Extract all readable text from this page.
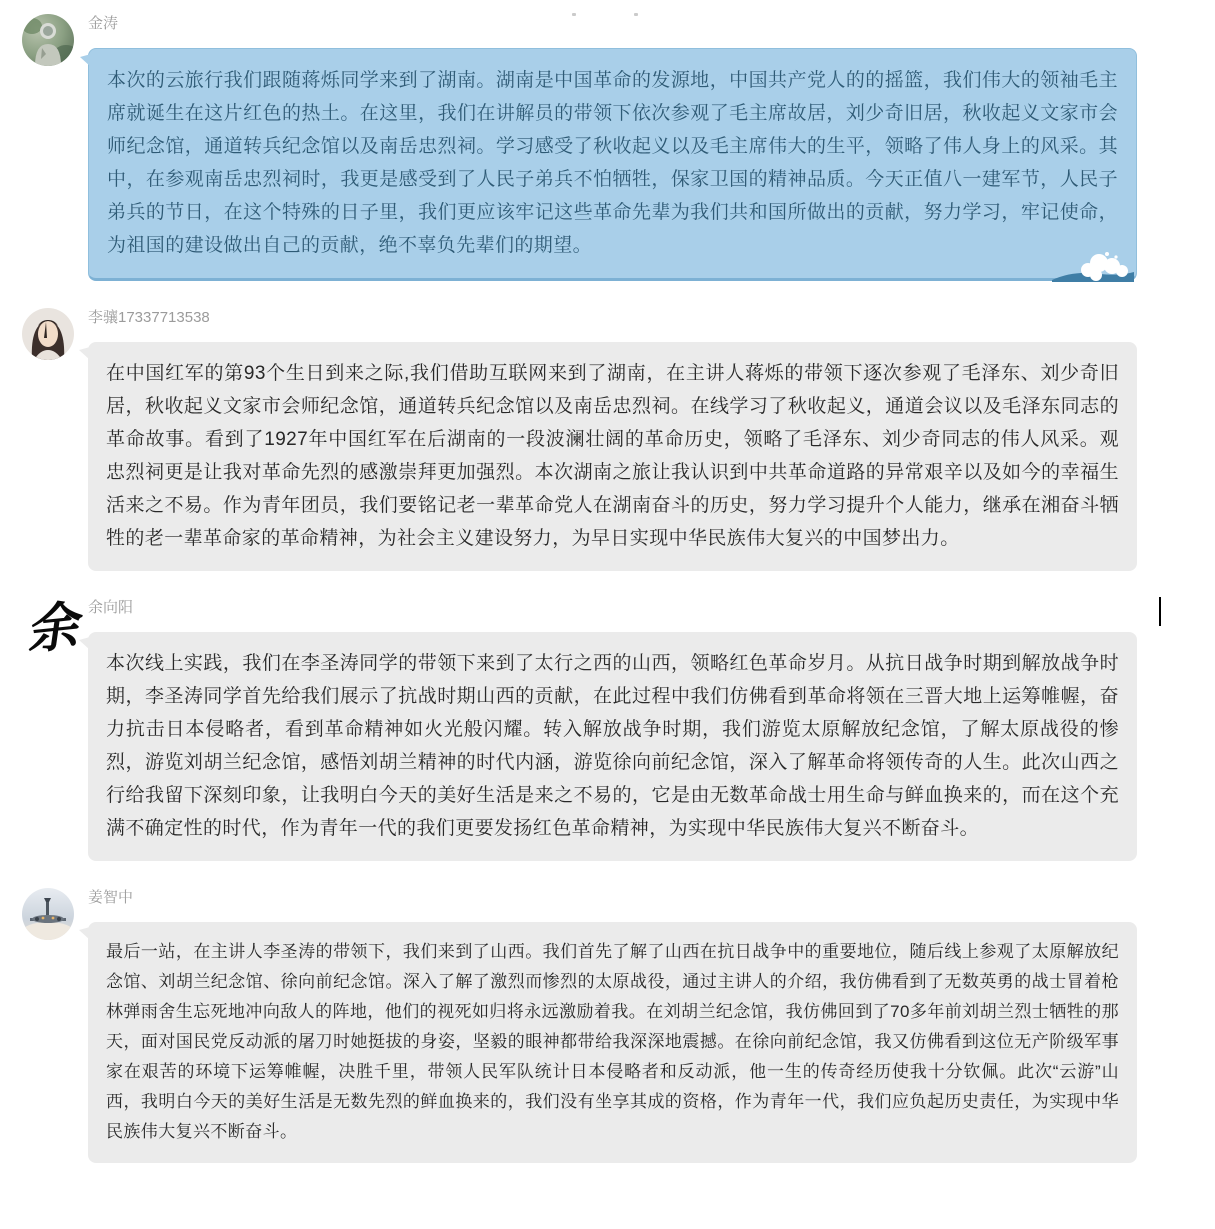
金涛
本次的云旅行我们跟随蒋烁同学来到了湖南。湖南是中国革命的发源地，中国共产党人的的摇篮，我们伟大的领袖毛主席就诞生在这片红色的热土。在这里，我们在讲解员的带领下依次参观了毛主席故居，刘少奇旧居，秋收起义文家市会师纪念馆，通道转兵纪念馆以及南岳忠烈祠。学习感受了秋收起义以及毛主席伟大的生平，领略了伟人身上的风采。其中，在参观南岳忠烈祠时，我更是感受到了人民子弟兵不怕牺牲，保家卫国的精神品质。今天正值八一建军节，人民子弟兵的节日，在这个特殊的日子里，我们更应该牢记这些革命先辈为我们共和国所做出的贡献，努力学习，牢记使命，为祖国的建设做出自己的贡献，绝不辜负先辈们的期望。
李骧17337713538
在中国红军的第93个生日到来之际,我们借助互联网来到了湖南，在主讲人蒋烁的带领下逐次参观了毛泽东、刘少奇旧居，秋收起义文家市会师纪念馆，通道转兵纪念馆以及南岳忠烈祠。在线学习了秋收起义，通道会议以及毛泽东同志的革命故事。看到了1927年中国红军在后湖南的一段波澜壮阔的革命历史，领略了毛泽东、刘少奇同志的伟人风采。观忠烈祠更是让我对革命先烈的感激崇拜更加强烈。本次湖南之旅让我认识到中共革命道路的异常艰辛以及如今的幸福生活来之不易。作为青年团员，我们要铭记老一辈革命党人在湖南奋斗的历史，努力学习提升个人能力，继承在湘奋斗牺牲的老一辈革命家的革命精神，为社会主义建设努力，为早日实现中华民族伟大复兴的中国梦出力。
余 余向阳
本次线上实践，我们在李圣涛同学的带领下来到了太行之西的山西，领略红色革命岁月。从抗日战争时期到解放战争时期，李圣涛同学首先给我们展示了抗战时期山西的贡献，在此过程中我们仿佛看到革命将领在三晋大地上运筹帷幄，奋力抗击日本侵略者，看到革命精神如火光般闪耀。转入解放战争时期，我们游览太原解放纪念馆，了解太原战役的惨烈，游览刘胡兰纪念馆，感悟刘胡兰精神的时代内涵，游览徐向前纪念馆，深入了解革命将领传奇的人生。此次山西之行给我留下深刻印象，让我明白今天的美好生活是来之不易的，它是由无数革命战士用生命与鲜血换来的，而在这个充满不确定性的时代，作为青年一代的我们更要发扬红色革命精神，为实现中华民族伟大复兴不断奋斗。
姜智中
最后一站，在主讲人李圣涛的带领下，我们来到了山西。我们首先了解了山西在抗日战争中的重要地位，随后线上参观了太原解放纪念馆、刘胡兰纪念馆、徐向前纪念馆。深入了解了激烈而惨烈的太原战役，通过主讲人的介绍，我仿佛看到了无数英勇的战士冒着枪林弹雨舍生忘死地冲向敌人的阵地，他们的视死如归将永远激励着我。在刘胡兰纪念馆，我仿佛回到了70多年前刘胡兰烈士牺牲的那天，面对国民党反动派的屠刀时她挺拔的身姿，坚毅的眼神都带给我深深地震撼。在徐向前纪念馆，我又仿佛看到这位无产阶级军事家在艰苦的环境下运筹帷幄，决胜千里，带领人民军队统计日本侵略者和反动派，他一生的传奇经历使我十分钦佩。此次“云游”山西，我明白今天的美好生活是无数先烈的鲜血换来的，我们没有坐享其成的资格，作为青年一代，我们应负起历史责任，为实现中华民族伟大复兴不断奋斗。
